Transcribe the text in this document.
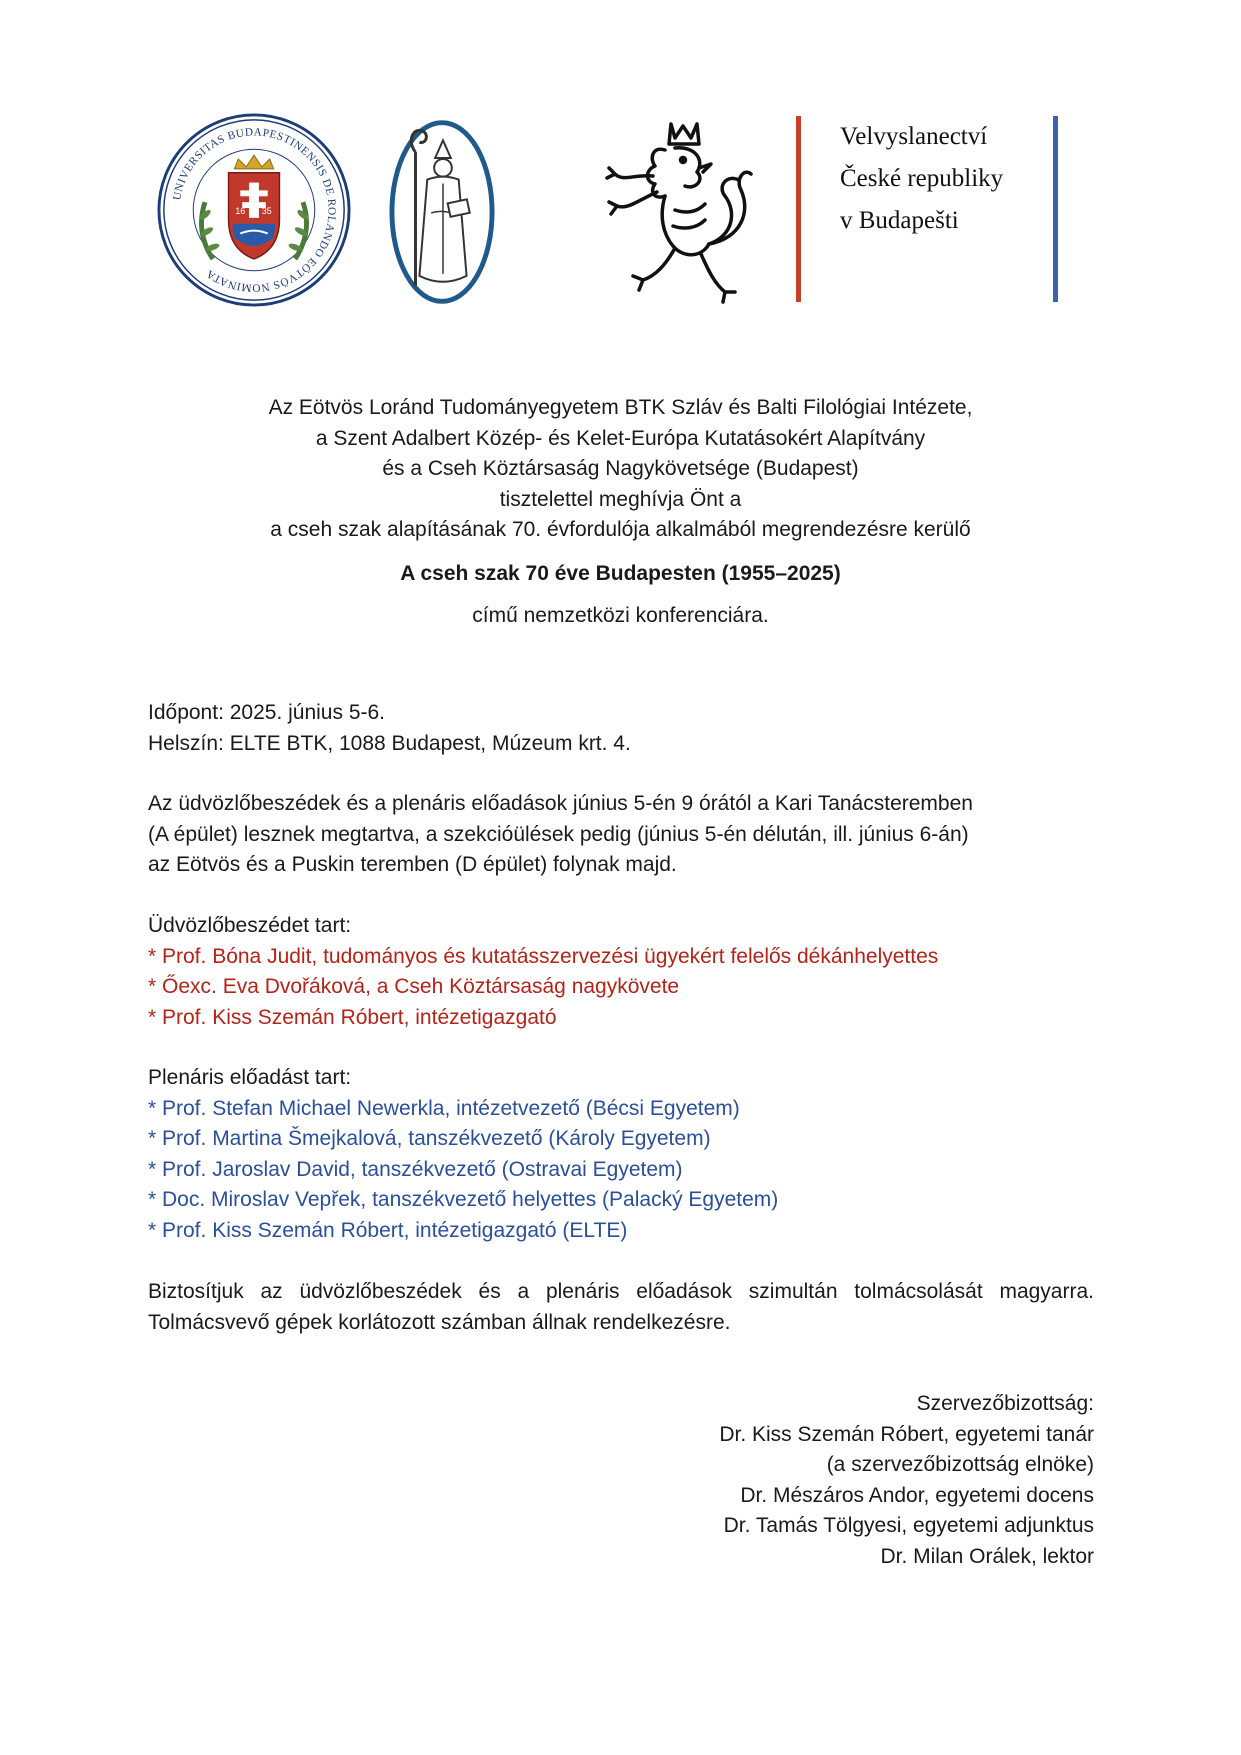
UNIVERSITAS BUDAPESTINENSIS DE ROLANDO EÖTVÖS NOMINATA
16 35
Velvyslanectví
České republiky
v Budapešti
Az Eötvös Loránd Tudományegyetem BTK Szláv és Balti Filológiai Intézete,
a Szent Adalbert Közép- és Kelet-Európa Kutatásokért Alapítvány
és a Cseh Köztársaság Nagykövetsége (Budapest)
tisztelettel meghívja Önt a
a cseh szak alapításának 70. évfordulója alkalmából megrendezésre kerülő
A cseh szak 70 éve Budapesten (1955–2025)
című nemzetközi konferenciára.
Időpont: 2025. június 5-6.
Helszín: ELTE BTK, 1088 Budapest, Múzeum krt. 4.
Az üdvözlőbeszédek és a plenáris előadások június 5-én 9 órától a Kari Tanácsteremben
(A épület) lesznek megtartva, a szekcióülések pedig (június 5-én délután, ill. június 6-án)
az Eötvös és a Puskin teremben (D épület) folynak majd.
Üdvözlőbeszédet tart:
* Prof. Bóna Judit, tudományos és kutatásszervezési ügyekért felelős dékánhelyettes
* Őexc. Eva Dvořáková, a Cseh Köztársaság nagykövete
* Prof. Kiss Szemán Róbert, intézetigazgató
Plenáris előadást tart:
* Prof. Stefan Michael Newerkla, intézetvezető (Bécsi Egyetem)
* Prof. Martina Šmejkalová, tanszékvezető (Károly Egyetem)
* Prof. Jaroslav David, tanszékvezető (Ostravai Egyetem)
* Doc. Miroslav Vepřek, tanszékvezető helyettes (Palacký Egyetem)
* Prof. Kiss Szemán Róbert, intézetigazgató (ELTE)
Biztosítjuk az üdvözlőbeszédek és a plenáris előadások szimultán tolmácsolását magyarra. Tolmácsvevő gépek korlátozott számban állnak rendelkezésre.
Szervezőbizottság:
Dr. Kiss Szemán Róbert, egyetemi tanár
(a szervezőbizottság elnöke)
Dr. Mészáros Andor, egyetemi docens
Dr. Tamás Tölgyesi, egyetemi adjunktus
Dr. Milan Orálek, lektor
